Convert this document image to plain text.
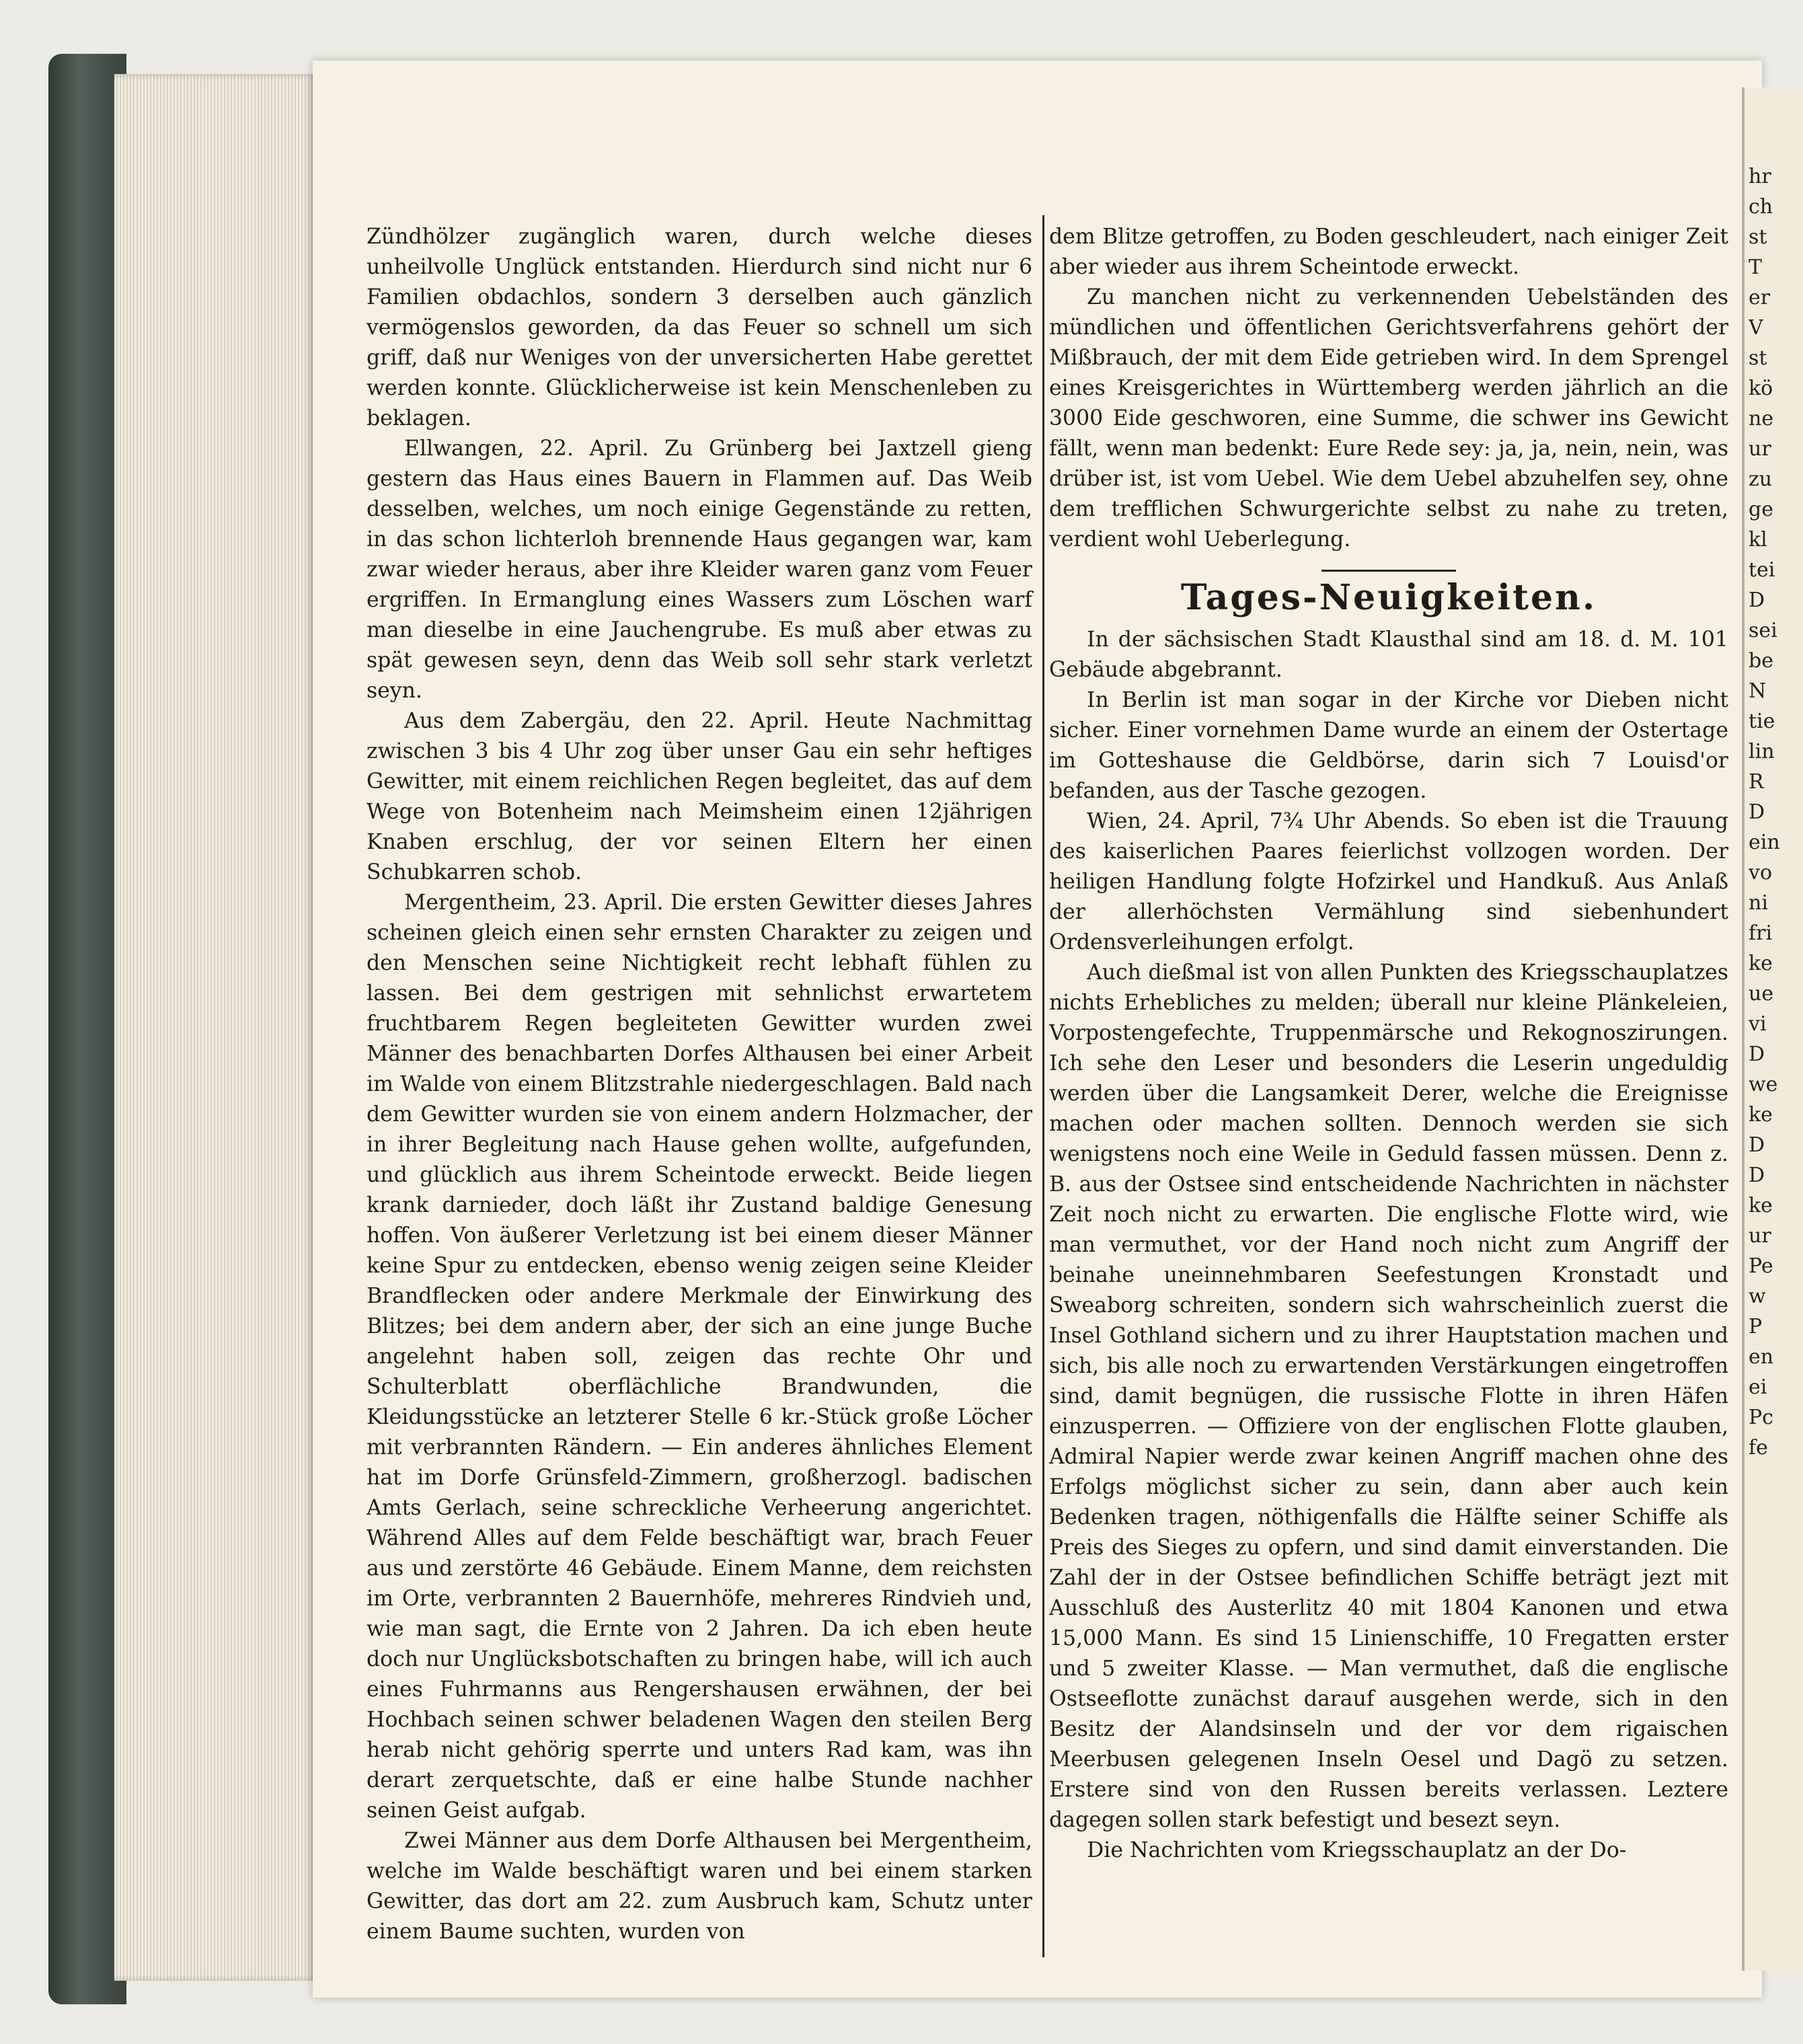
Zündhölzer zugänglich waren, durch welche dieses unheilvolle Unglück entstanden. Hierdurch sind nicht nur 6 Familien obdachlos, sondern 3 derselben auch gänzlich vermögenslos geworden, da das Feuer so schnell um sich griff, daß nur Weniges von der unversicherten Habe gerettet werden konnte. Glücklicherweise ist kein Menschenleben zu beklagen.

Ellwangen, 22. April. Zu Grünberg bei Jaxtzell gieng gestern das Haus eines Bauern in Flammen auf. Das Weib desselben, welches, um noch einige Gegenstände zu retten, in das schon lichterloh brennende Haus gegangen war, kam zwar wieder heraus, aber ihre Kleider waren ganz vom Feuer ergriffen. In Ermanglung eines Wassers zum Löschen warf man dieselbe in eine Jauchengrube. Es muß aber etwas zu spät gewesen seyn, denn das Weib soll sehr stark verletzt seyn.

Aus dem Zabergäu, den 22. April. Heute Nachmittag zwischen 3 bis 4 Uhr zog über unser Gau ein sehr heftiges Gewitter, mit einem reichlichen Regen begleitet, das auf dem Wege von Botenheim nach Meimsheim einen 12jährigen Knaben erschlug, der vor seinen Eltern her einen Schubkarren schob.

Mergentheim, 23. April. Die ersten Gewitter dieses Jahres scheinen gleich einen sehr ernsten Charakter zu zeigen und den Menschen seine Nichtigkeit recht lebhaft fühlen zu lassen. Bei dem gestrigen mit sehnlichst erwartetem fruchtbarem Regen begleiteten Gewitter wurden zwei Männer des benachbarten Dorfes Althausen bei einer Arbeit im Walde von einem Blitzstrahle niedergeschlagen. Bald nach dem Gewitter wurden sie von einem andern Holzmacher, der in ihrer Begleitung nach Hause gehen wollte, aufgefunden, und glücklich aus ihrem Scheintode erweckt. Beide liegen krank darnieder, doch läßt ihr Zustand baldige Genesung hoffen. Von äußerer Verletzung ist bei einem dieser Männer keine Spur zu entdecken, ebenso wenig zeigen seine Kleider Brandflecken oder andere Merkmale der Einwirkung des Blitzes; bei dem andern aber, der sich an eine junge Buche angelehnt haben soll, zeigen das rechte Ohr und Schulterblatt oberflächliche Brandwunden, die Kleidungsstücke an letzterer Stelle 6 kr.-Stück große Löcher mit verbrannten Rändern. — Ein anderes ähnliches Element hat im Dorfe Grünsfeld-Zimmern, großherzogl. badischen Amts Gerlach, seine schreckliche Verheerung angerichtet. Während Alles auf dem Felde beschäftigt war, brach Feuer aus und zerstörte 46 Gebäude. Einem Manne, dem reichsten im Orte, verbrannten 2 Bauernhöfe, mehreres Rindvieh und, wie man sagt, die Ernte von 2 Jahren. Da ich eben heute doch nur Unglücksbotschaften zu bringen habe, will ich auch eines Fuhrmanns aus Rengershausen erwähnen, der bei Hochbach seinen schwer beladenen Wagen den steilen Berg herab nicht gehörig sperrte und unters Rad kam, was ihn derart zerquetschte, daß er eine halbe Stunde nachher seinen Geist aufgab.

Zwei Männer aus dem Dorfe Althausen bei Mergentheim, welche im Walde beschäftigt waren und bei einem starken Gewitter, das dort am 22. zum Ausbruch kam, Schutz unter einem Baume suchten, wurden von

dem Blitze getroffen, zu Boden geschleudert, nach einiger Zeit aber wieder aus ihrem Scheintode erweckt.

Zu manchen nicht zu verkennenden Uebelständen des mündlichen und öffentlichen Gerichtsverfahrens gehört der Mißbrauch, der mit dem Eide getrieben wird. In dem Sprengel eines Kreisgerichtes in Württemberg werden jährlich an die 3000 Eide geschworen, eine Summe, die schwer ins Gewicht fällt, wenn man bedenkt: Eure Rede sey: ja, ja, nein, nein, was drüber ist, ist vom Uebel. Wie dem Uebel abzuhelfen sey, ohne dem trefflichen Schwurgerichte selbst zu nahe zu treten, verdient wohl Ueberlegung.

Tages-Neuigkeiten.

In der sächsischen Stadt Klausthal sind am 18. d. M. 101 Gebäude abgebrannt.

In Berlin ist man sogar in der Kirche vor Dieben nicht sicher. Einer vornehmen Dame wurde an einem der Ostertage im Gotteshause die Geldbörse, darin sich 7 Louisd'or befanden, aus der Tasche gezogen.

Wien, 24. April, 7¾ Uhr Abends. So eben ist die Trauung des kaiserlichen Paares feierlichst vollzogen worden. Der heiligen Handlung folgte Hofzirkel und Handkuß. Aus Anlaß der allerhöchsten Vermählung sind siebenhundert Ordensverleihungen erfolgt.

Auch dießmal ist von allen Punkten des Kriegsschauplatzes nichts Erhebliches zu melden; überall nur kleine Plänkeleien, Vorpostengefechte, Truppenmärsche und Rekognoszirungen. Ich sehe den Leser und besonders die Leserin ungeduldig werden über die Langsamkeit Derer, welche die Ereignisse machen oder machen sollten. Dennoch werden sie sich wenigstens noch eine Weile in Geduld fassen müssen. Denn z. B. aus der Ostsee sind entscheidende Nachrichten in nächster Zeit noch nicht zu erwarten. Die englische Flotte wird, wie man vermuthet, vor der Hand noch nicht zum Angriff der beinahe uneinnehmbaren Seefestungen Kronstadt und Sweaborg schreiten, sondern sich wahrscheinlich zuerst die Insel Gothland sichern und zu ihrer Hauptstation machen und sich, bis alle noch zu erwartenden Verstärkungen eingetroffen sind, damit begnügen, die russische Flotte in ihren Häfen einzusperren. — Offiziere von der englischen Flotte glauben, Admiral Napier werde zwar keinen Angriff machen ohne des Erfolgs möglichst sicher zu sein, dann aber auch kein Bedenken tragen, nöthigenfalls die Hälfte seiner Schiffe als Preis des Sieges zu opfern, und sind damit einverstanden. Die Zahl der in der Ostsee befindlichen Schiffe beträgt jezt mit Ausschluß des Austerlitz 40 mit 1804 Kanonen und etwa 15,000 Mann. Es sind 15 Linienschiffe, 10 Fregatten erster und 5 zweiter Klasse. — Man vermuthet, daß die englische Ostseeflotte zunächst darauf ausgehen werde, sich in den Besitz der Alandsinseln und der vor dem rigaischen Meerbusen gelegenen Inseln Oesel und Dagö zu setzen. Erstere sind von den Russen bereits verlassen. Leztere dagegen sollen stark befestigt und besezt seyn.

Die Nachrichten vom Kriegsschauplatz an der Do-

hr
ch
st
T
er
V
st
kö
ne
ur
zu
ge
kl
tei
D
sei
be
N
tie
lin
R
D
ein
vo
ni
fri
ke
ue
vi
D
we
ke
D
D
ke
ur
Pe
w
P
en
ei
Pc
fe
